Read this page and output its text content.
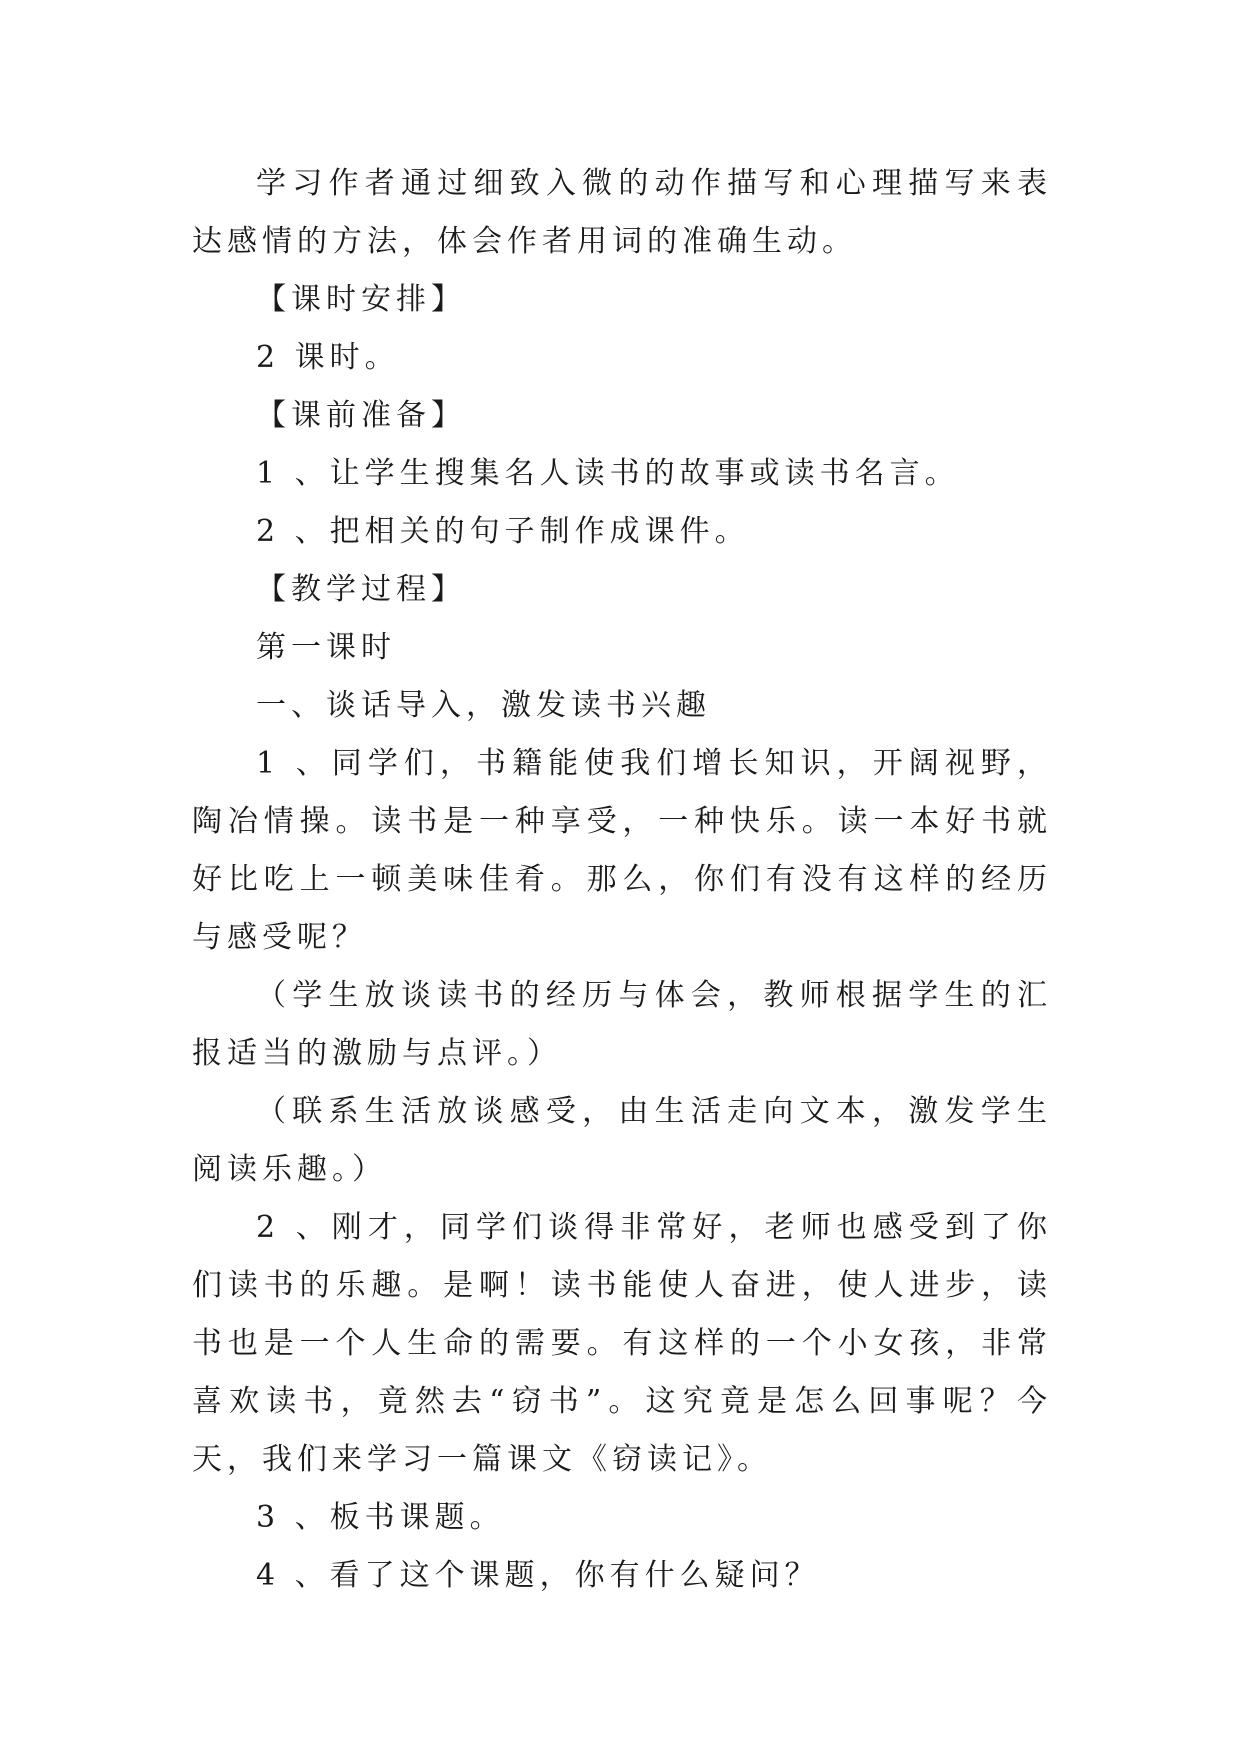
学习作者通过细致入微的动作描写和心理描写来表达感情的方法，体会作者用词的准确生动。

【课时安排】

2 课时。

【课前准备】

1 、让学生搜集名人读书的故事或读书名言。

2 、把相关的句子制作成课件。

【教学过程】

第一课时

一、谈话导入，激发读书兴趣

1 、同学们，书籍能使我们增长知识，开阔视野，陶冶情操。读书是一种享受，一种快乐。读一本好书就好比吃上一顿美味佳肴。那么，你们有没有这样的经历与感受呢？

（学生放谈读书的经历与体会，教师根据学生的汇报适当的激励与点评。）

（联系生活放谈感受，由生活走向文本，激发学生阅读乐趣。）

2 、刚才，同学们谈得非常好，老师也感受到了你们读书的乐趣。是啊！读书能使人奋进，使人进步，读书也是一个人生命的需要。有这样的一个小女孩，非常喜欢读书，竟然去“窃书”。这究竟是怎么回事呢？今天，我们来学习一篇课文《窃读记》。

3 、板书课题。

4 、看了这个课题，你有什么疑问？
